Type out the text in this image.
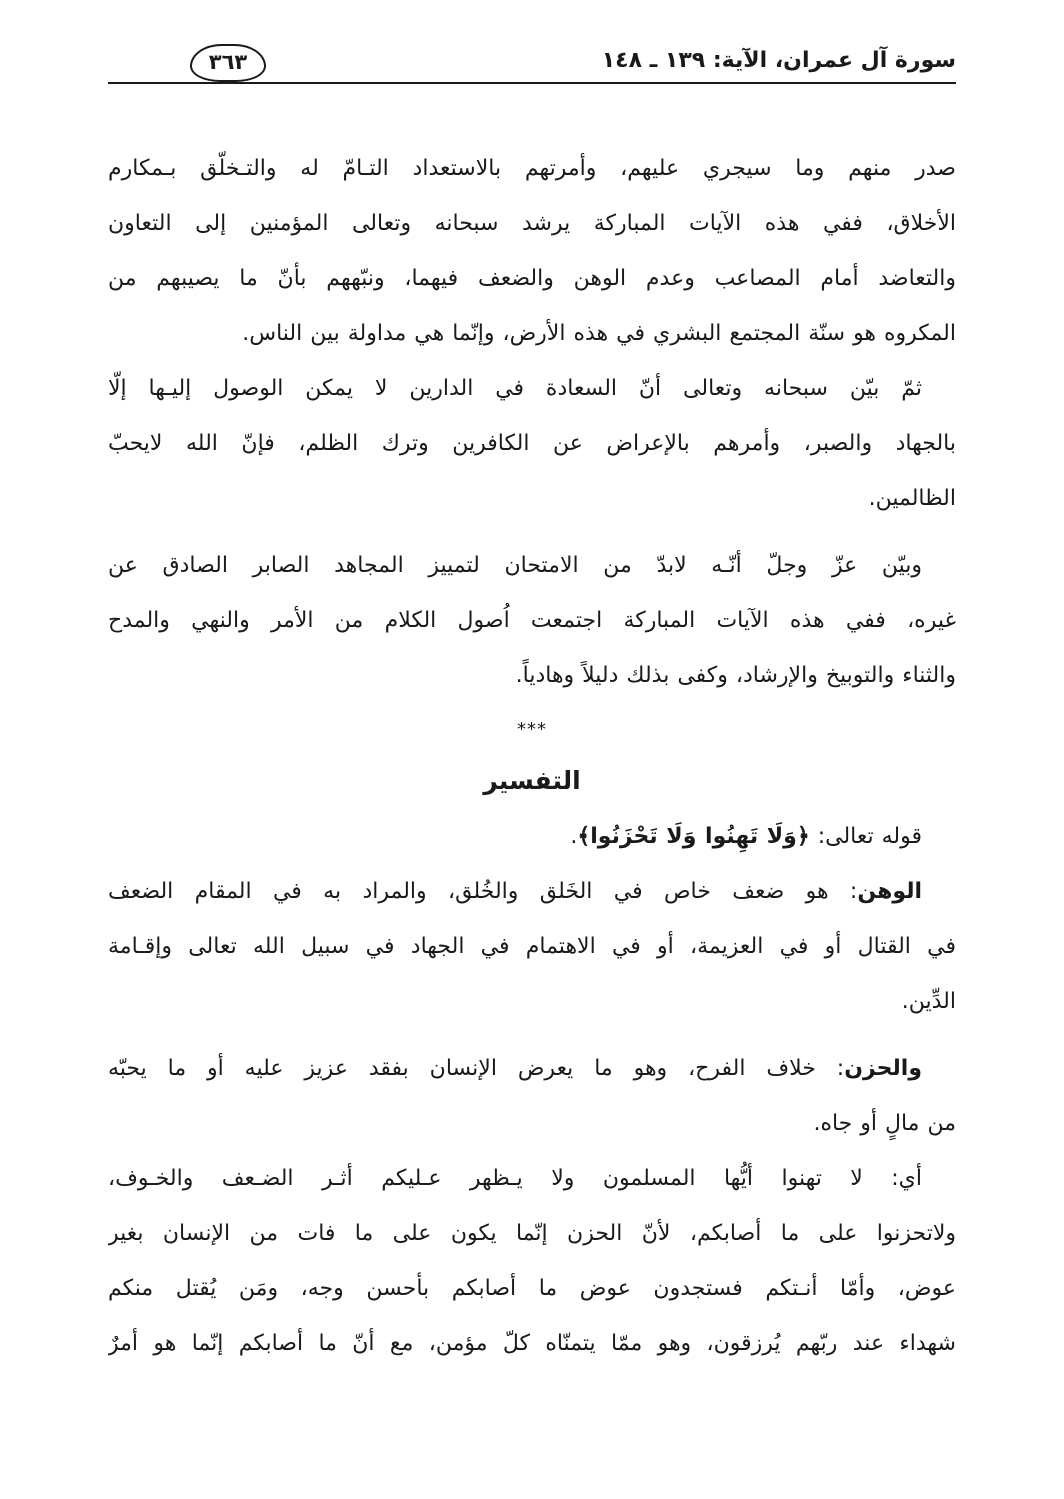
سورة آل عمران، الآية: ١٣٩ ـ ١٤٨
٣٦٣
صدر منهم وما سيجري عليهم، وأمرتهم بالاستعداد التـامّ له والتـخلّق بـمكارم
الأخلاق، ففي هذه الآيات المباركة يرشد سبحانه وتعالى المؤمنين إلى التعاون
والتعاضد أمام المصاعب وعدم الوهن والضعف فيهما، ونبّههم بأنّ ما يصيبهم من
المكروه هو سنّة المجتمع البشري في هذه الأرض، وإنّما هي مداولة بين الناس.
ثمّ بيّن سبحانه وتعالى أنّ السعادة في الدارين لا يمكن الوصول إليـها إلّا
بالجهاد والصبر، وأمرهم بالإعراض عن الكافرين وترك الظلم، فإنّ الله لايحبّ
الظالمين.
وبيّن عزّ وجلّ أنّـه لابدّ من الامتحان لتمييز المجاهد الصابر الصادق عن
غيره، ففي هذه الآيات المباركة اجتمعت اُصول الكلام من الأمر والنهي والمدح
والثناء والتوبيخ والإرشاد، وكفى بذلك دليلاً وهادياً.
***
التفسير
قوله تعالى: ﴿وَلَا تَهِنُوا وَلَا تَحْزَنُوا﴾.
الوهن: هو ضعف خاص في الخَلق والخُلق، والمراد به في المقام الضعف
في القتال أو في العزيمة، أو في الاهتمام في الجهاد في سبيل الله تعالى وإقـامة
الدِّين.
والحزن: خلاف الفرح، وهو ما يعرض الإنسان بفقد عزيز عليه أو ما يحبّه
من مالٍ أو جاه.
أي: لا تهنوا أيُّها المسلمون ولا يـظهر عـليكم أثـر الضـعف والخـوف،
ولاتحزنوا على ما أصابكم، لأنّ الحزن إنّما يكون على ما فات من الإنسان بغير
عوض، وأمّا أنـتكم فستجدون عوض ما أصابكم بأحسن وجه، ومَن يُقتل منكم
شهداء عند ربّهم يُرزقون، وهو ممّا يتمنّاه كلّ مؤمن، مع أنّ ما أصابكم إنّما هو أمرٌ
